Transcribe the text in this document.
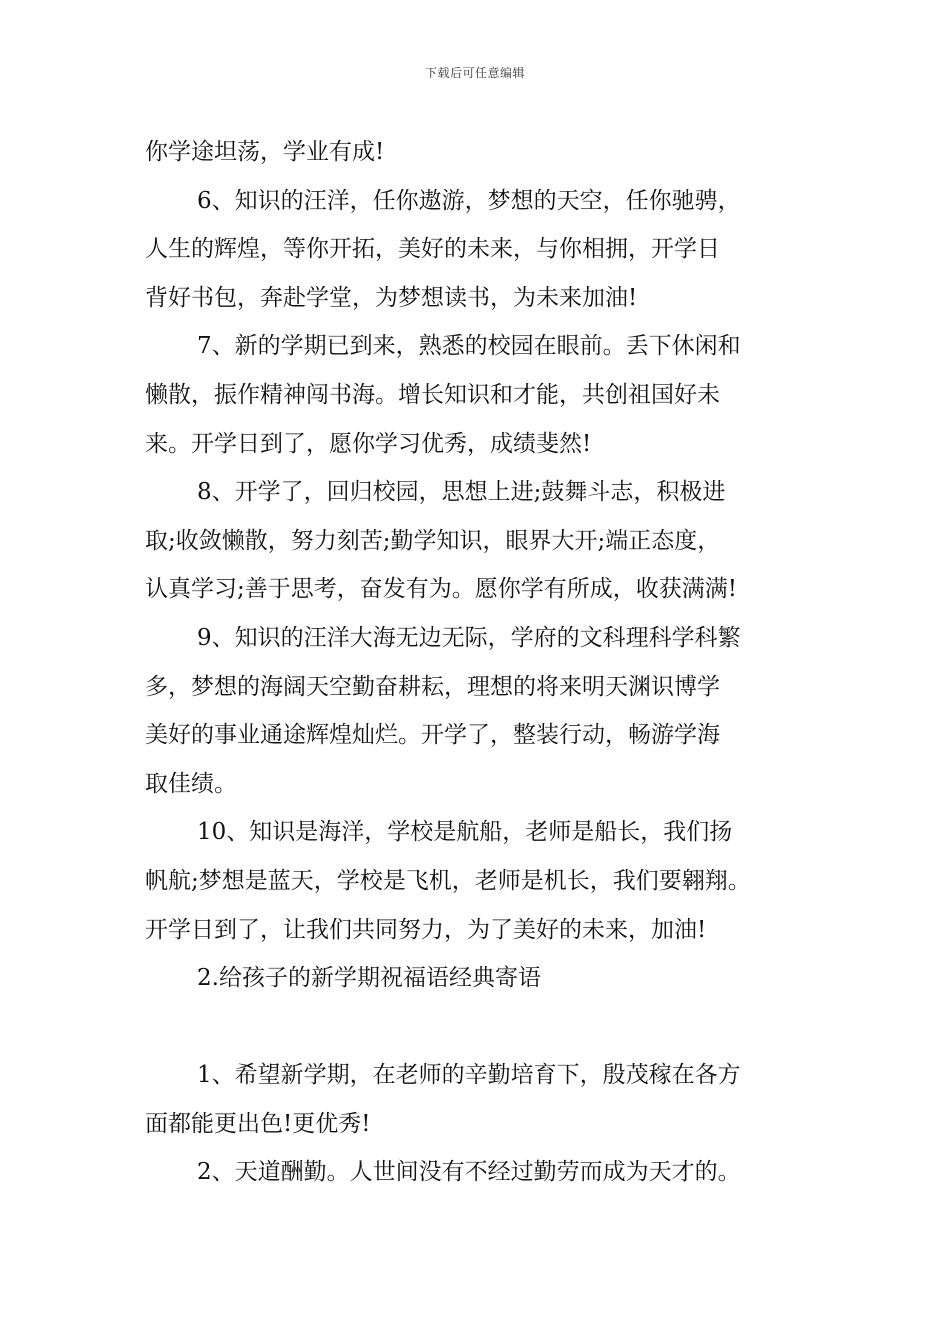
下载后可任意编辑
你学途坦荡，学业有成!
6、知识的汪洋，任你遨游，梦想的天空，任你驰骋，
人生的辉煌，等你开拓，美好的未来，与你相拥，开学日
背好书包，奔赴学堂，为梦想读书，为未来加油!
7、新的学期已到来，熟悉的校园在眼前。丢下休闲和
懒散，振作精神闯书海。增长知识和才能，共创祖国好未
来。开学日到了，愿你学习优秀，成绩斐然!
8、开学了，回归校园，思想上进;鼓舞斗志，积极进
取;收敛懒散，努力刻苦;勤学知识，眼界大开;端正态度，
认真学习;善于思考，奋发有为。愿你学有所成，收获满满!
9、知识的汪洋大海无边无际，学府的文科理科学科繁
多，梦想的海阔天空勤奋耕耘，理想的将来明天渊识博学
美好的事业通途辉煌灿烂。开学了，整装行动，畅游学海
取佳绩。
10、知识是海洋，学校是航船，老师是船长，我们扬
帆航;梦想是蓝天，学校是飞机，老师是机长，我们要翱翔。
开学日到了，让我们共同努力，为了美好的未来，加油!
2.给孩子的新学期祝福语经典寄语
1、希望新学期，在老师的辛勤培育下，殷茂稼在各方
面都能更出色!更优秀!
2、天道酬勤。人世间没有不经过勤劳而成为天才的。
